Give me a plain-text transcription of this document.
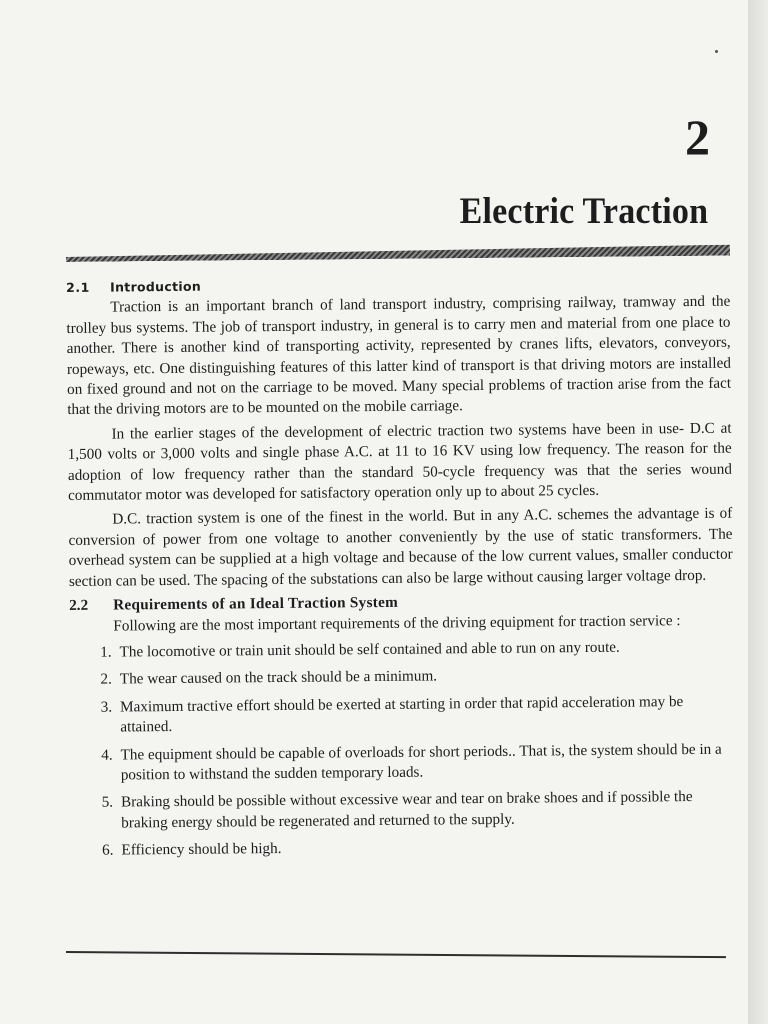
2
Electric Traction
2.1	Introduction

Traction is an important branch of land transport industry, comprising railway, tramway and the trolley bus systems. The job of transport industry, in general is to carry men and material from one place to another. There is another kind of transporting activity, represented by cranes lifts, elevators, conveyors, ropeways, etc. One distinguishing features of this latter kind of transport is that driving motors are installed on fixed ground and not on the carriage to be moved. Many special problems of traction arise from the fact that the driving motors are to be mounted on the mobile carriage.

In the earlier stages of the development of electric traction two systems have been in use- D.C at 1,500 volts or 3,000 volts and single phase A.C. at 11 to 16 KV using low frequency. The reason for the adoption of low frequency rather than the standard 50-cycle frequency was that the series wound commutator motor was developed for satisfactory operation only up to about 25 cycles.

D.C. traction system is one of the finest in the world. But in any A.C. schemes the advantage is of conversion of power from one voltage to another conveniently by the use of static transformers. The overhead system can be supplied at a high voltage and because of the low current values, smaller conductor section can be used. The spacing of the substations can also be large without causing larger voltage drop.

2.2	Requirements of an Ideal Traction System

Following are the most important requirements of the driving equipment for traction service :

1. The locomotive or train unit should be self contained and able to run on any route.
2. The wear caused on the track should be a minimum.
3. Maximum tractive effort should be exerted at starting in order that rapid acceleration may be attained.
4. The equipment should be capable of overloads for short periods.. That is, the system should be in a position to withstand the sudden temporary loads.
5. Braking should be possible without excessive wear and tear on brake shoes and if possible the braking energy should be regenerated and returned to the supply.
6. Efficiency should be high.
